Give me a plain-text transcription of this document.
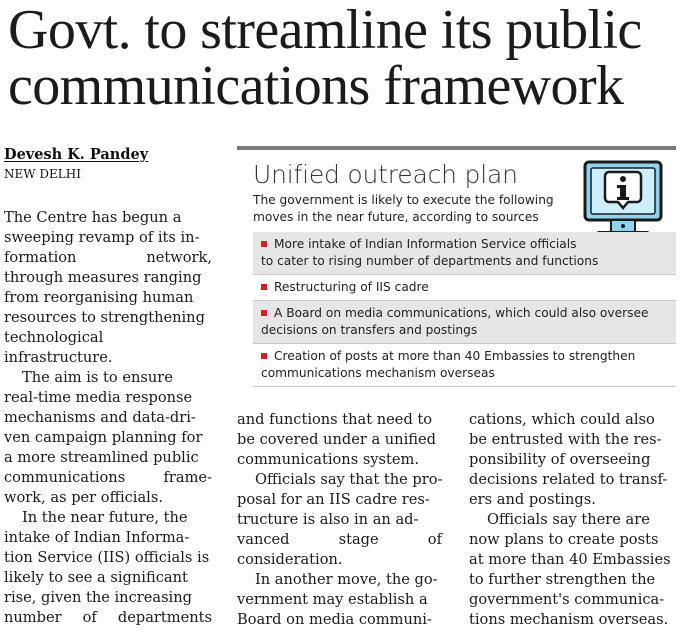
Govt. to streamline its public
communications framework
Devesh K. Pandey
NEW DELHI

The Centre has begun a
sweeping revamp of its in-
formation	network,
through measures ranging
from reorganising human
resources to strengthening
technological
infrastructure.

The aim is to ensure
real-time media response
mechanisms and data-dri-
ven campaign planning for
a more streamlined public
communications	frame-
work, as per officials.

In the near future, the
intake of Indian Informa-
tion Service (IIS) officials is
likely to see a significant
rise, given the increasing
number of departments

Unified outreach plan
The government is likely to execute the following
moves in the near future, according to sources
More intake of Indian Information Service officials
to cater to rising number of departments and functions
Restructuring of IIS cadre
A Board on media communications, which could also oversee
decisions on transfers and postings
Creation of posts at more than 40 Embassies to strengthen
communications mechanism overseas

and functions that need to
be covered under a unified
communications system.

Officials say that the pro-
posal for an IIS cadre res-
tructure is also in an ad-
vanced	stage	of
consideration.

In another move, the go-
vernment may establish a
Board on media communi-

cations, which could also
be entrusted with the res-
ponsibility of overseeing
decisions related to transf-
ers and postings.

Officials say there are
now plans to create posts
at more than 40 Embassies
to further strengthen the
government's communica-
tions mechanism overseas.
